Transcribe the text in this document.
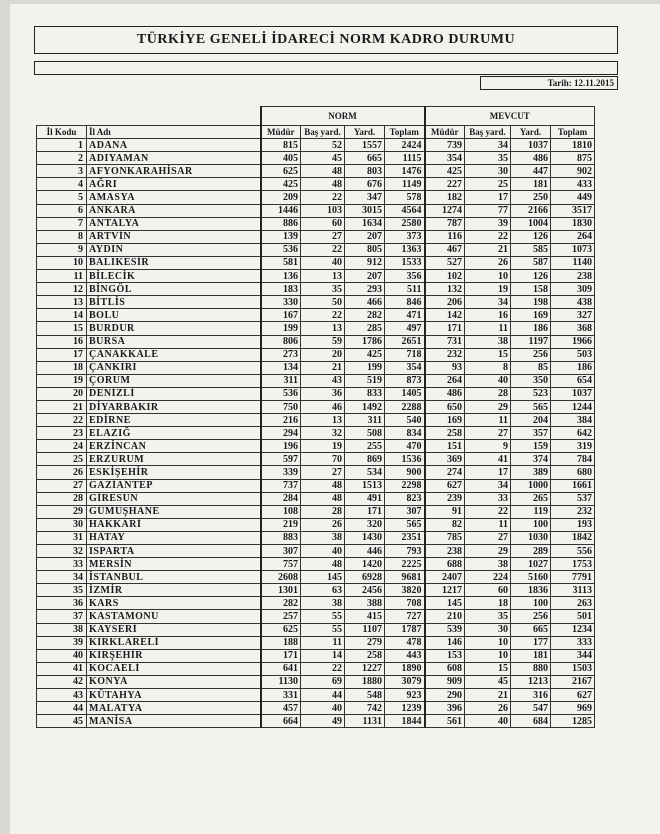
TÜRKİYE GENELİ İDARECİ NORM KADRO DURUMU
Tarih: 12.11.2015
		NORM				MEVCUT			
İl Kodu	İl Adı	Müdür	Baş yard.	Yard.	Toplam	Müdür	Baş yard.	Yard.	Toplam
1	ADANA	815	52	1557	2424	739	34	1037	1810
2	ADIYAMAN	405	45	665	1115	354	35	486	875
3	AFYONKARAHİSAR	625	48	803	1476	425	30	447	902
4	AĞRI	425	48	676	1149	227	25	181	433
5	AMASYA	209	22	347	578	182	17	250	449
6	ANKARA	1446	103	3015	4564	1274	77	2166	3517
7	ANTALYA	886	60	1634	2580	787	39	1004	1830
8	ARTVİN	139	27	207	373	116	22	126	264
9	AYDIN	536	22	805	1363	467	21	585	1073
10	BALIKESİR	581	40	912	1533	527	26	587	1140
11	BİLECİK	136	13	207	356	102	10	126	238
12	BİNGÖL	183	35	293	511	132	19	158	309
13	BİTLİS	330	50	466	846	206	34	198	438
14	BOLU	167	22	282	471	142	16	169	327
15	BURDUR	199	13	285	497	171	11	186	368
16	BURSA	806	59	1786	2651	731	38	1197	1966
17	ÇANAKKALE	273	20	425	718	232	15	256	503
18	ÇANKIRI	134	21	199	354	93	8	85	186
19	ÇORUM	311	43	519	873	264	40	350	654
20	DENİZLİ	536	36	833	1405	486	28	523	1037
21	DİYARBAKIR	750	46	1492	2288	650	29	565	1244
22	EDİRNE	216	13	311	540	169	11	204	384
23	ELAZIĞ	294	32	508	834	258	27	357	642
24	ERZİNCAN	196	19	255	470	151	9	159	319
25	ERZURUM	597	70	869	1536	369	41	374	784
26	ESKİŞEHİR	339	27	534	900	274	17	389	680
27	GAZİANTEP	737	48	1513	2298	627	34	1000	1661
28	GİRESUN	284	48	491	823	239	33	265	537
29	GÜMÜŞHANE	108	28	171	307	91	22	119	232
30	HAKKARİ	219	26	320	565	82	11	100	193
31	HATAY	883	38	1430	2351	785	27	1030	1842
32	ISPARTA	307	40	446	793	238	29	289	556
33	MERSİN	757	48	1420	2225	688	38	1027	1753
34	İSTANBUL	2608	145	6928	9681	2407	224	5160	7791
35	İZMİR	1301	63	2456	3820	1217	60	1836	3113
36	KARS	282	38	388	708	145	18	100	263
37	KASTAMONU	257	55	415	727	210	35	256	501
38	KAYSERİ	625	55	1107	1787	539	30	665	1234
39	KIRKLARELİ	188	11	279	478	146	10	177	333
40	KIRŞEHİR	171	14	258	443	153	10	181	344
41	KOCAELİ	641	22	1227	1890	608	15	880	1503
42	KONYA	1130	69	1880	3079	909	45	1213	2167
43	KÜTAHYA	331	44	548	923	290	21	316	627
44	MALATYA	457	40	742	1239	396	26	547	969
45	MANİSA	664	49	1131	1844	561	40	684	1285
